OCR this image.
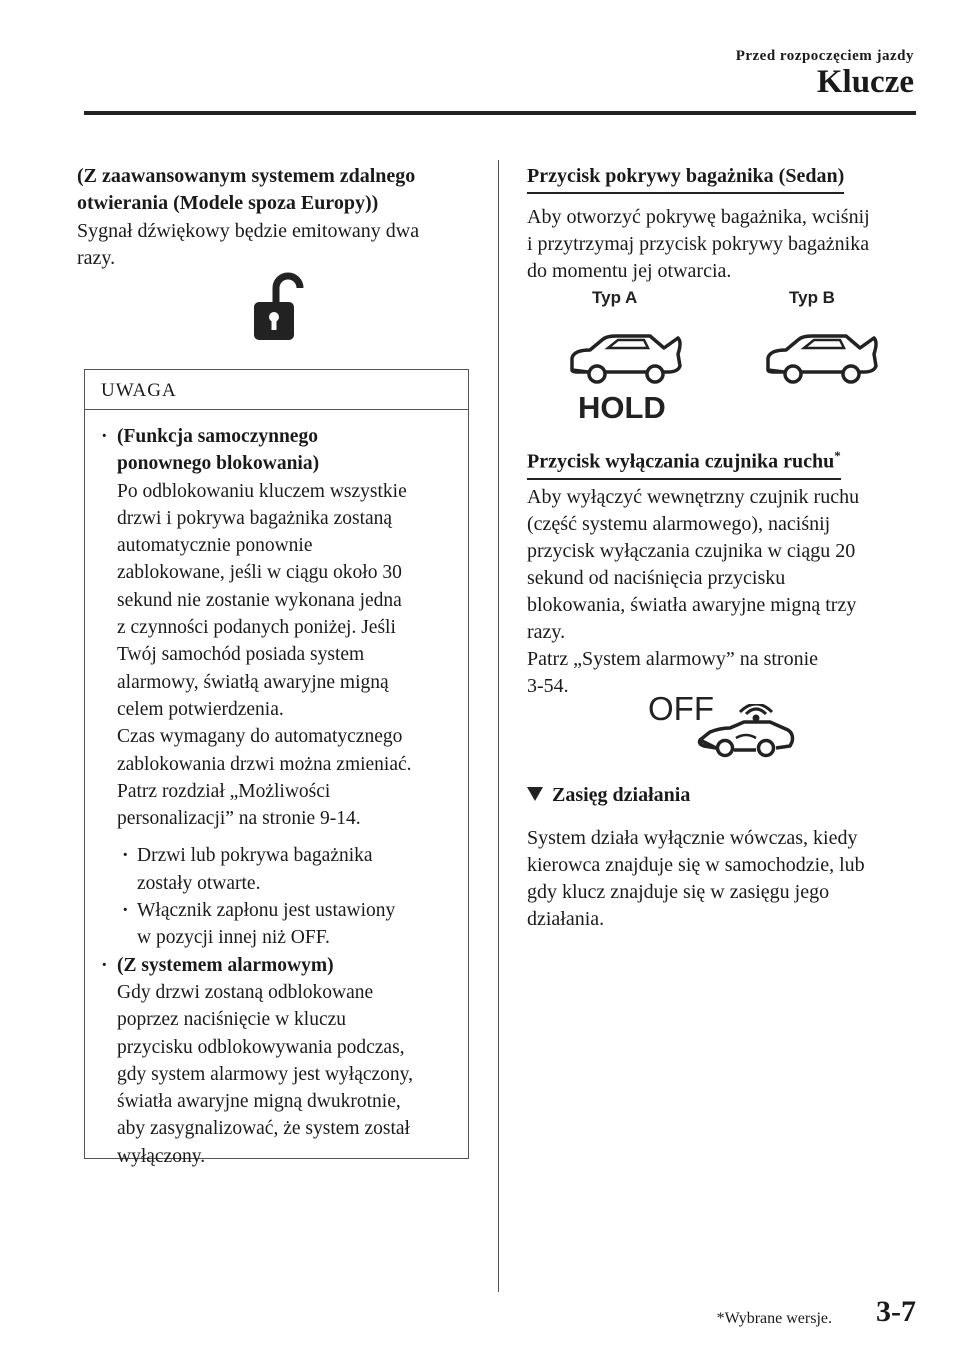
Przed rozpoczęciem jazdy
Klucze
(Z zaawansowanym systemem zdalnego
otwierania (Modele spoza Europy))
Sygnał dźwiękowy będzie emitowany dwa
razy.
UWAGA
· (Funkcja samoczynnego
ponownego blokowania)
Po odblokowaniu kluczem wszystkie
drzwi i pokrywa bagażnika zostaną
automatycznie ponownie
zablokowane, jeśli w ciągu około 30
sekund nie zostanie wykonana jedna
z czynności podanych poniżej. Jeśli
Twój samochód posiada system
alarmowy, światłą awaryjne migną
celem potwierdzenia.
Czas wymagany do automatycznego
zablokowania drzwi można zmieniać.
Patrz rozdział „Możliwości
personalizacji” na stronie 9-14.
· Drzwi lub pokrywa bagażnika
zostały otwarte.
· Włącznik zapłonu jest ustawiony
w pozycji innej niż OFF.
· (Z systemem alarmowym)
Gdy drzwi zostaną odblokowane
poprzez naciśnięcie w kluczu
przycisku odblokowywania podczas,
gdy system alarmowy jest wyłączony,
światła awaryjne migną dwukrotnie,
aby zasygnalizować, że system został
wyłączony.
Przycisk pokrywy bagażnika (Sedan)
Aby otworzyć pokrywę bagażnika, wciśnij
i przytrzymaj przycisk pokrywy bagażnika
do momentu jej otwarcia.
Typ A	Typ B
HOLD
Przycisk wyłączania czujnika ruchu*
Aby wyłączyć wewnętrzny czujnik ruchu
(część systemu alarmowego), naciśnij
przycisk wyłączania czujnika w ciągu 20
sekund od naciśnięcia przycisku
blokowania, światła awaryjne migną trzy
razy.
Patrz „System alarmowy” na stronie
3-54.
OFF
Zasięg działania
System działa wyłącznie wówczas, kiedy
kierowca znajduje się w samochodzie, lub
gdy klucz znajduje się w zasięgu jego
działania.
*Wybrane wersje. 3-7
